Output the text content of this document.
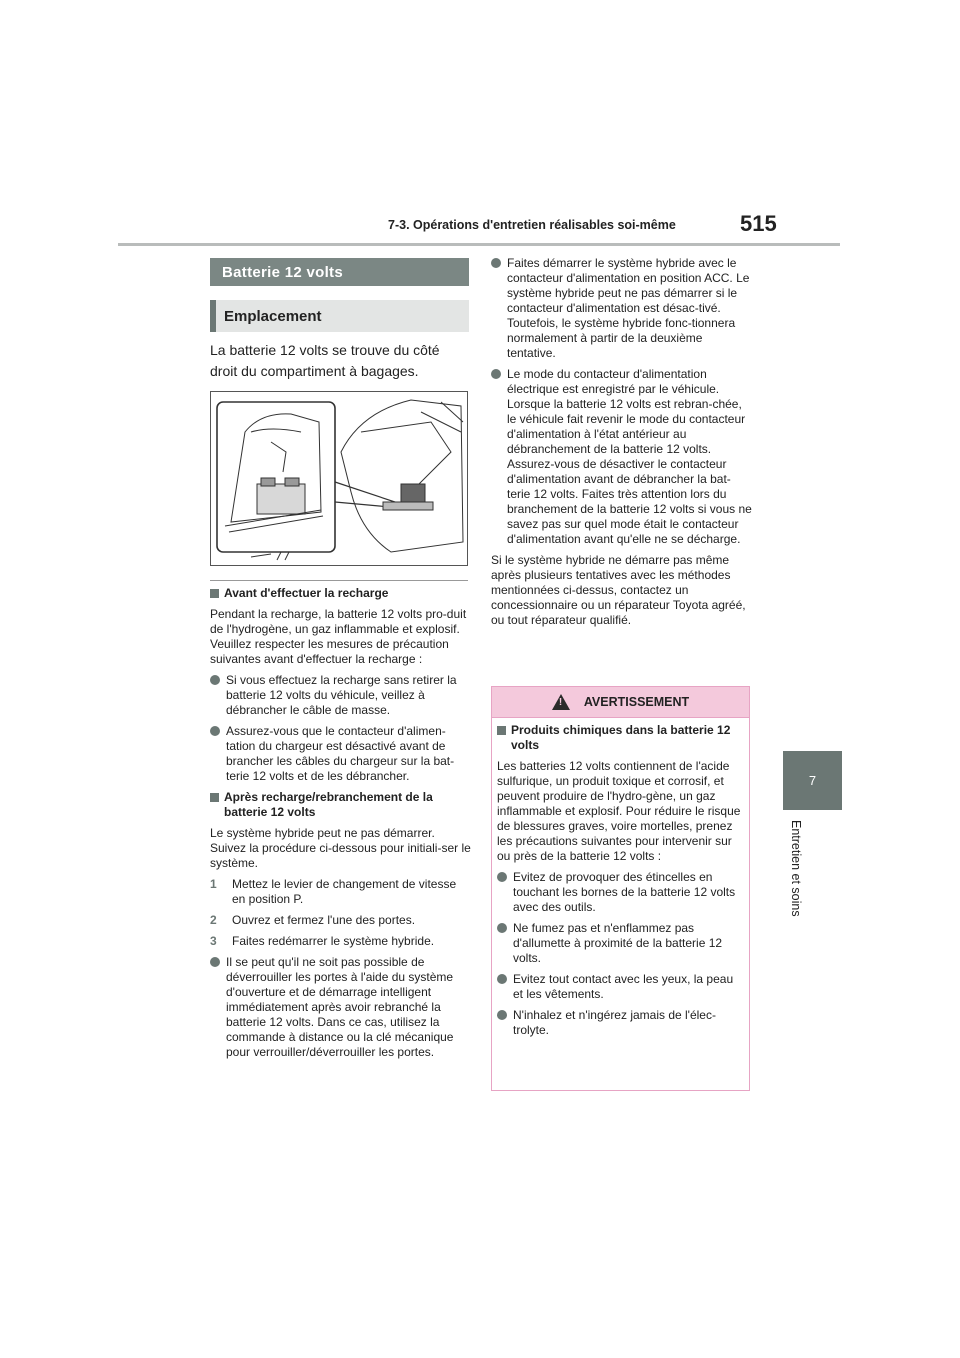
7-3. Opérations d'entretien réalisables soi-même	515
7
Entretien et soins
Batterie 12 volts
Emplacement
La batterie 12 volts se trouve du côté droit du compartiment à bagages.

Avant d'effectuer la recharge

Pendant la recharge, la batterie 12 volts pro-duit de l'hydrogène, un gaz inflammable et explosif. Veuillez respecter les mesures de précaution suivantes avant d'effectuer la recharge :

Si vous effectuez la recharge sans retirer la batterie 12 volts du véhicule, veillez à débrancher le câble de masse.

Assurez-vous que le contacteur d'alimen-tation du chargeur est désactivé avant de brancher les câbles du chargeur sur la bat-terie 12 volts et de les débrancher.

Après recharge/rebranchement de la batterie 12 volts

Le système hybride peut ne pas démarrer. Suivez la procédure ci-dessous pour initiali-ser le système.

1 Mettez le levier de changement de vitesse en position P.

2 Ouvrez et fermez l'une des portes.

3 Faites redémarrer le système hybride.

Il se peut qu'il ne soit pas possible de déverrouiller les portes à l'aide du système d'ouverture et de démarrage intelligent immédiatement après avoir rebranché la batterie 12 volts. Dans ce cas, utilisez la commande à distance ou la clé mécanique pour verrouiller/déverrouiller les portes.

Faites démarrer le système hybride avec le contacteur d'alimentation en position ACC. Le système hybride peut ne pas démarrer si le contacteur d'alimentation est désac-tivé. Toutefois, le système hybride fonc-tionnera normalement à partir de la deuxième tentative.

Le mode du contacteur d'alimentation électrique est enregistré par le véhicule. Lorsque la batterie 12 volts est rebran-chée, le véhicule fait revenir le mode du contacteur d'alimentation à l'état antérieur au débranchement de la batterie 12 volts. Assurez-vous de désactiver le contacteur d'alimentation avant de débrancher la bat-terie 12 volts. Faites très attention lors du branchement de la batterie 12 volts si vous ne savez pas sur quel mode était le contacteur d'alimentation avant qu'elle ne se décharge.

Si le système hybride ne démarre pas même après plusieurs tentatives avec les méthodes mentionnées ci-dessus, contactez un concessionnaire ou un réparateur Toyota agréé, ou tout réparateur qualifié.

! AVERTISSEMENT

Produits chimiques dans la batterie 12 volts

Les batteries 12 volts contiennent de l'acide sulfurique, un produit toxique et corrosif, et peuvent produire de l'hydro-gène, un gaz inflammable et explosif. Pour réduire le risque de blessures graves, voire mortelles, prenez les précautions suivantes pour intervenir sur ou près de la batterie 12 volts :

Evitez de provoquer des étincelles en touchant les bornes de la batterie 12 volts avec des outils.

Ne fumez pas et n'enflammez pas d'allumette à proximité de la batterie 12 volts.

Evitez tout contact avec les yeux, la peau et les vêtements.

N'inhalez et n'ingérez jamais de l'élec-trolyte.
